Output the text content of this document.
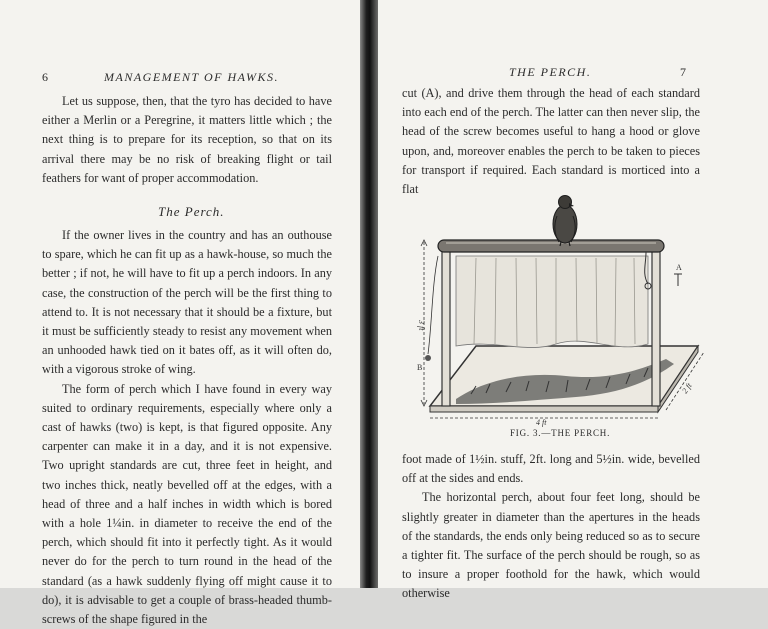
6	MANAGEMENT OF HAWKS.

Let us suppose, then, that the tyro has decided to have either a Merlin or a Peregrine, it matters little which ; the next thing is to prepare for its reception, so that on its arrival there may be no risk of breaking flight or tail feathers for want of proper accommodation.

The Perch.

If the owner lives in the country and has an outhouse to spare, which he can fit up as a hawk-house, so much the better ; if not, he will have to fit up a perch indoors. In any case, the construction of the perch will be the first thing to attend to. It is not necessary that it should be a fixture, but it must be sufficiently steady to resist any movement when an unhooded hawk tied on it bates off, as it will often do, with a vigorous stroke of wing.

The form of perch which I have found in every way suited to ordinary requirements, especially where only a cast of hawks (two) is kept, is that figured opposite. Any carpenter can make it in a day, and it is not expensive. Two upright standards are cut, three feet in height, and two inches thick, neatly bevelled off at the edges, with a head of three and a half inches in width which is bored with a hole 1¼in. in diameter to receive the end of the perch, which should fit into it perfectly tight. As it would never do for the perch to turn round in the head of the standard (as a hawk suddenly flying off might cause it to do), it is advisable to get a couple of brass-headed thumb-screws of the shape figured in the

THE PERCH.	7

cut (A), and drive them through the head of each standard into each end of the perch. The latter can then never slip, the head of the screw becomes useful to hang a hood or glove upon, and, moreover enables the perch to be taken to pieces for transport if required. Each standard is morticed into a flat

3 ft
4 ft
2 ft
A
B
FIG. 3.—THE PERCH.

foot made of 1½in. stuff, 2ft. long and 5½in. wide, bevelled off at the sides and ends.

The horizontal perch, about four feet long, should be slightly greater in diameter than the apertures in the heads of the standards, the ends only being reduced so as to secure a tighter fit. The surface of the perch should be rough, so as to insure a proper foothold for the hawk, which would otherwise
